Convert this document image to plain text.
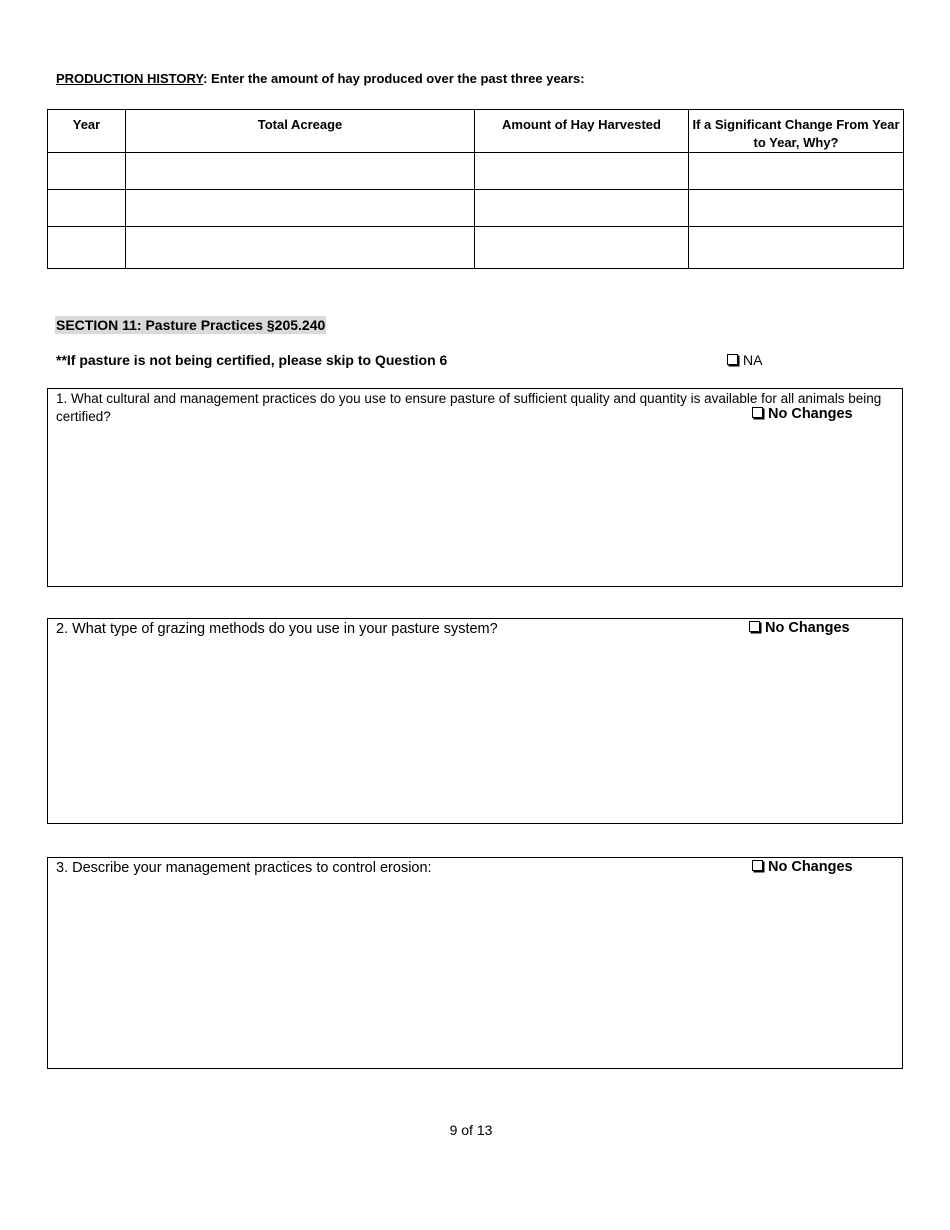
PRODUCTION HISTORY: Enter the amount of hay produced over the past three years:
Year	Total Acreage	Amount of Hay Harvested	If a Significant Change From Year to Year, Why?

SECTION 11: Pasture Practices §205.240
**If pasture is not being certified, please skip to Question 6	NA
1. What cultural and management practices do you use to ensure pasture of sufficient quality and quantity is available for all animals being certified?	No Changes
2. What type of grazing methods do you use in your pasture system?	No Changes
3. Describe your management practices to control erosion:	No Changes
9 of 13
